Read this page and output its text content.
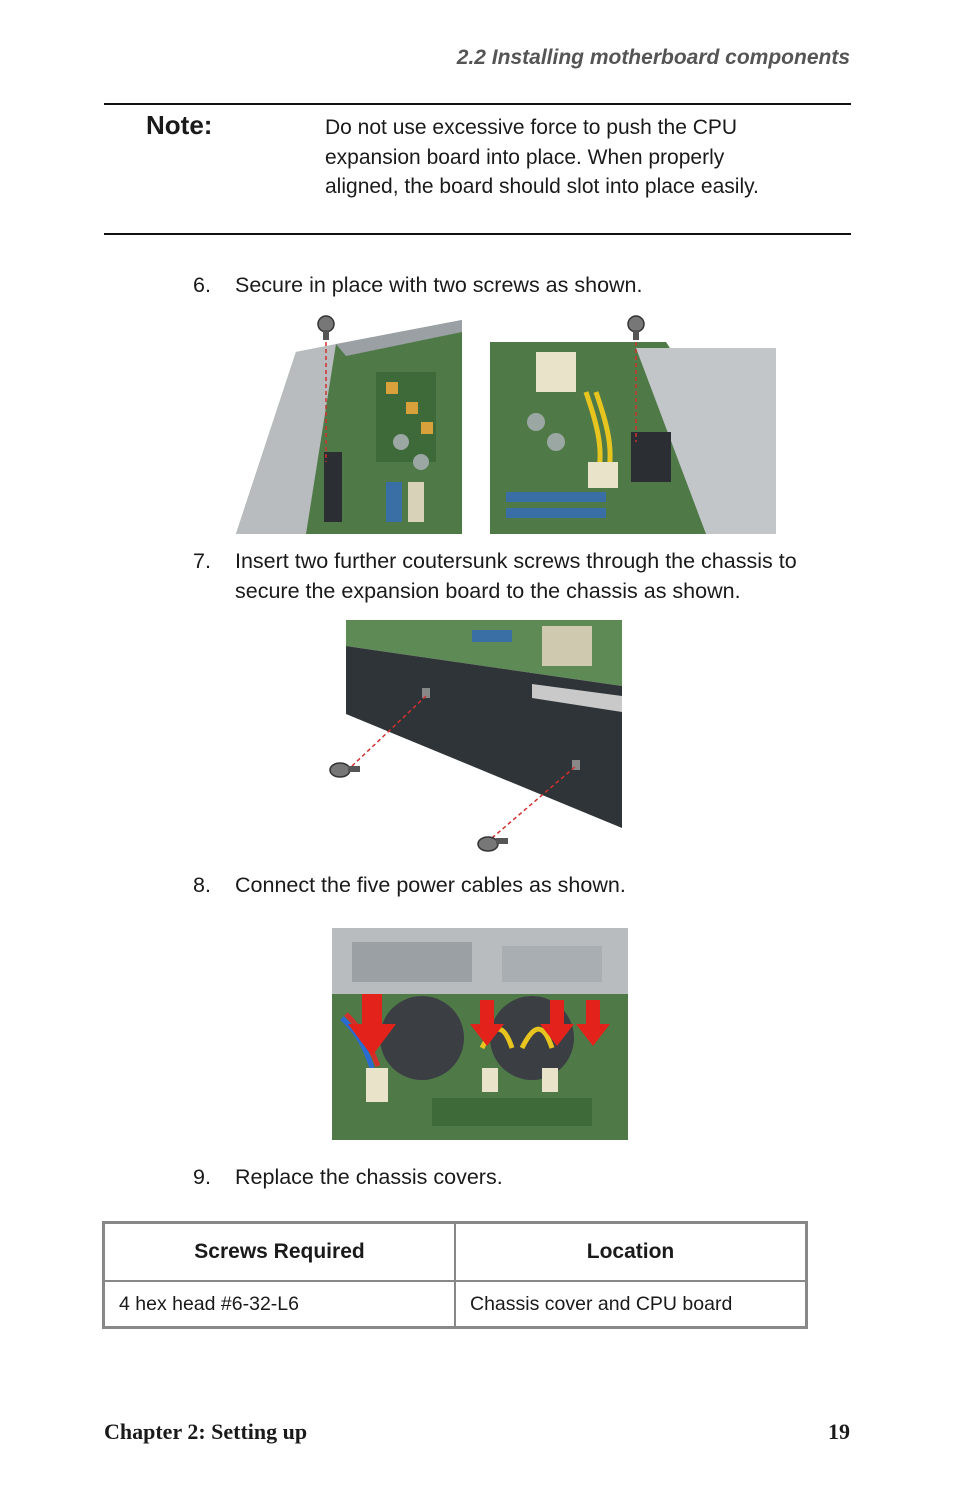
2.2 Installing motherboard components
Note:	Do not use excessive force to push the CPU expansion board into place. When properly aligned, the board should slot into place easily.
6. Secure in place with two screws as shown.
7. Insert two further coutersunk screws through the chassis to secure the expansion board to the chassis as shown.
8. Connect the five power cables as shown.
9. Replace the chassis covers.
Screws Required	Location
4 hex head #6-32-L6	Chassis cover and CPU board
Chapter 2: Setting up	19
